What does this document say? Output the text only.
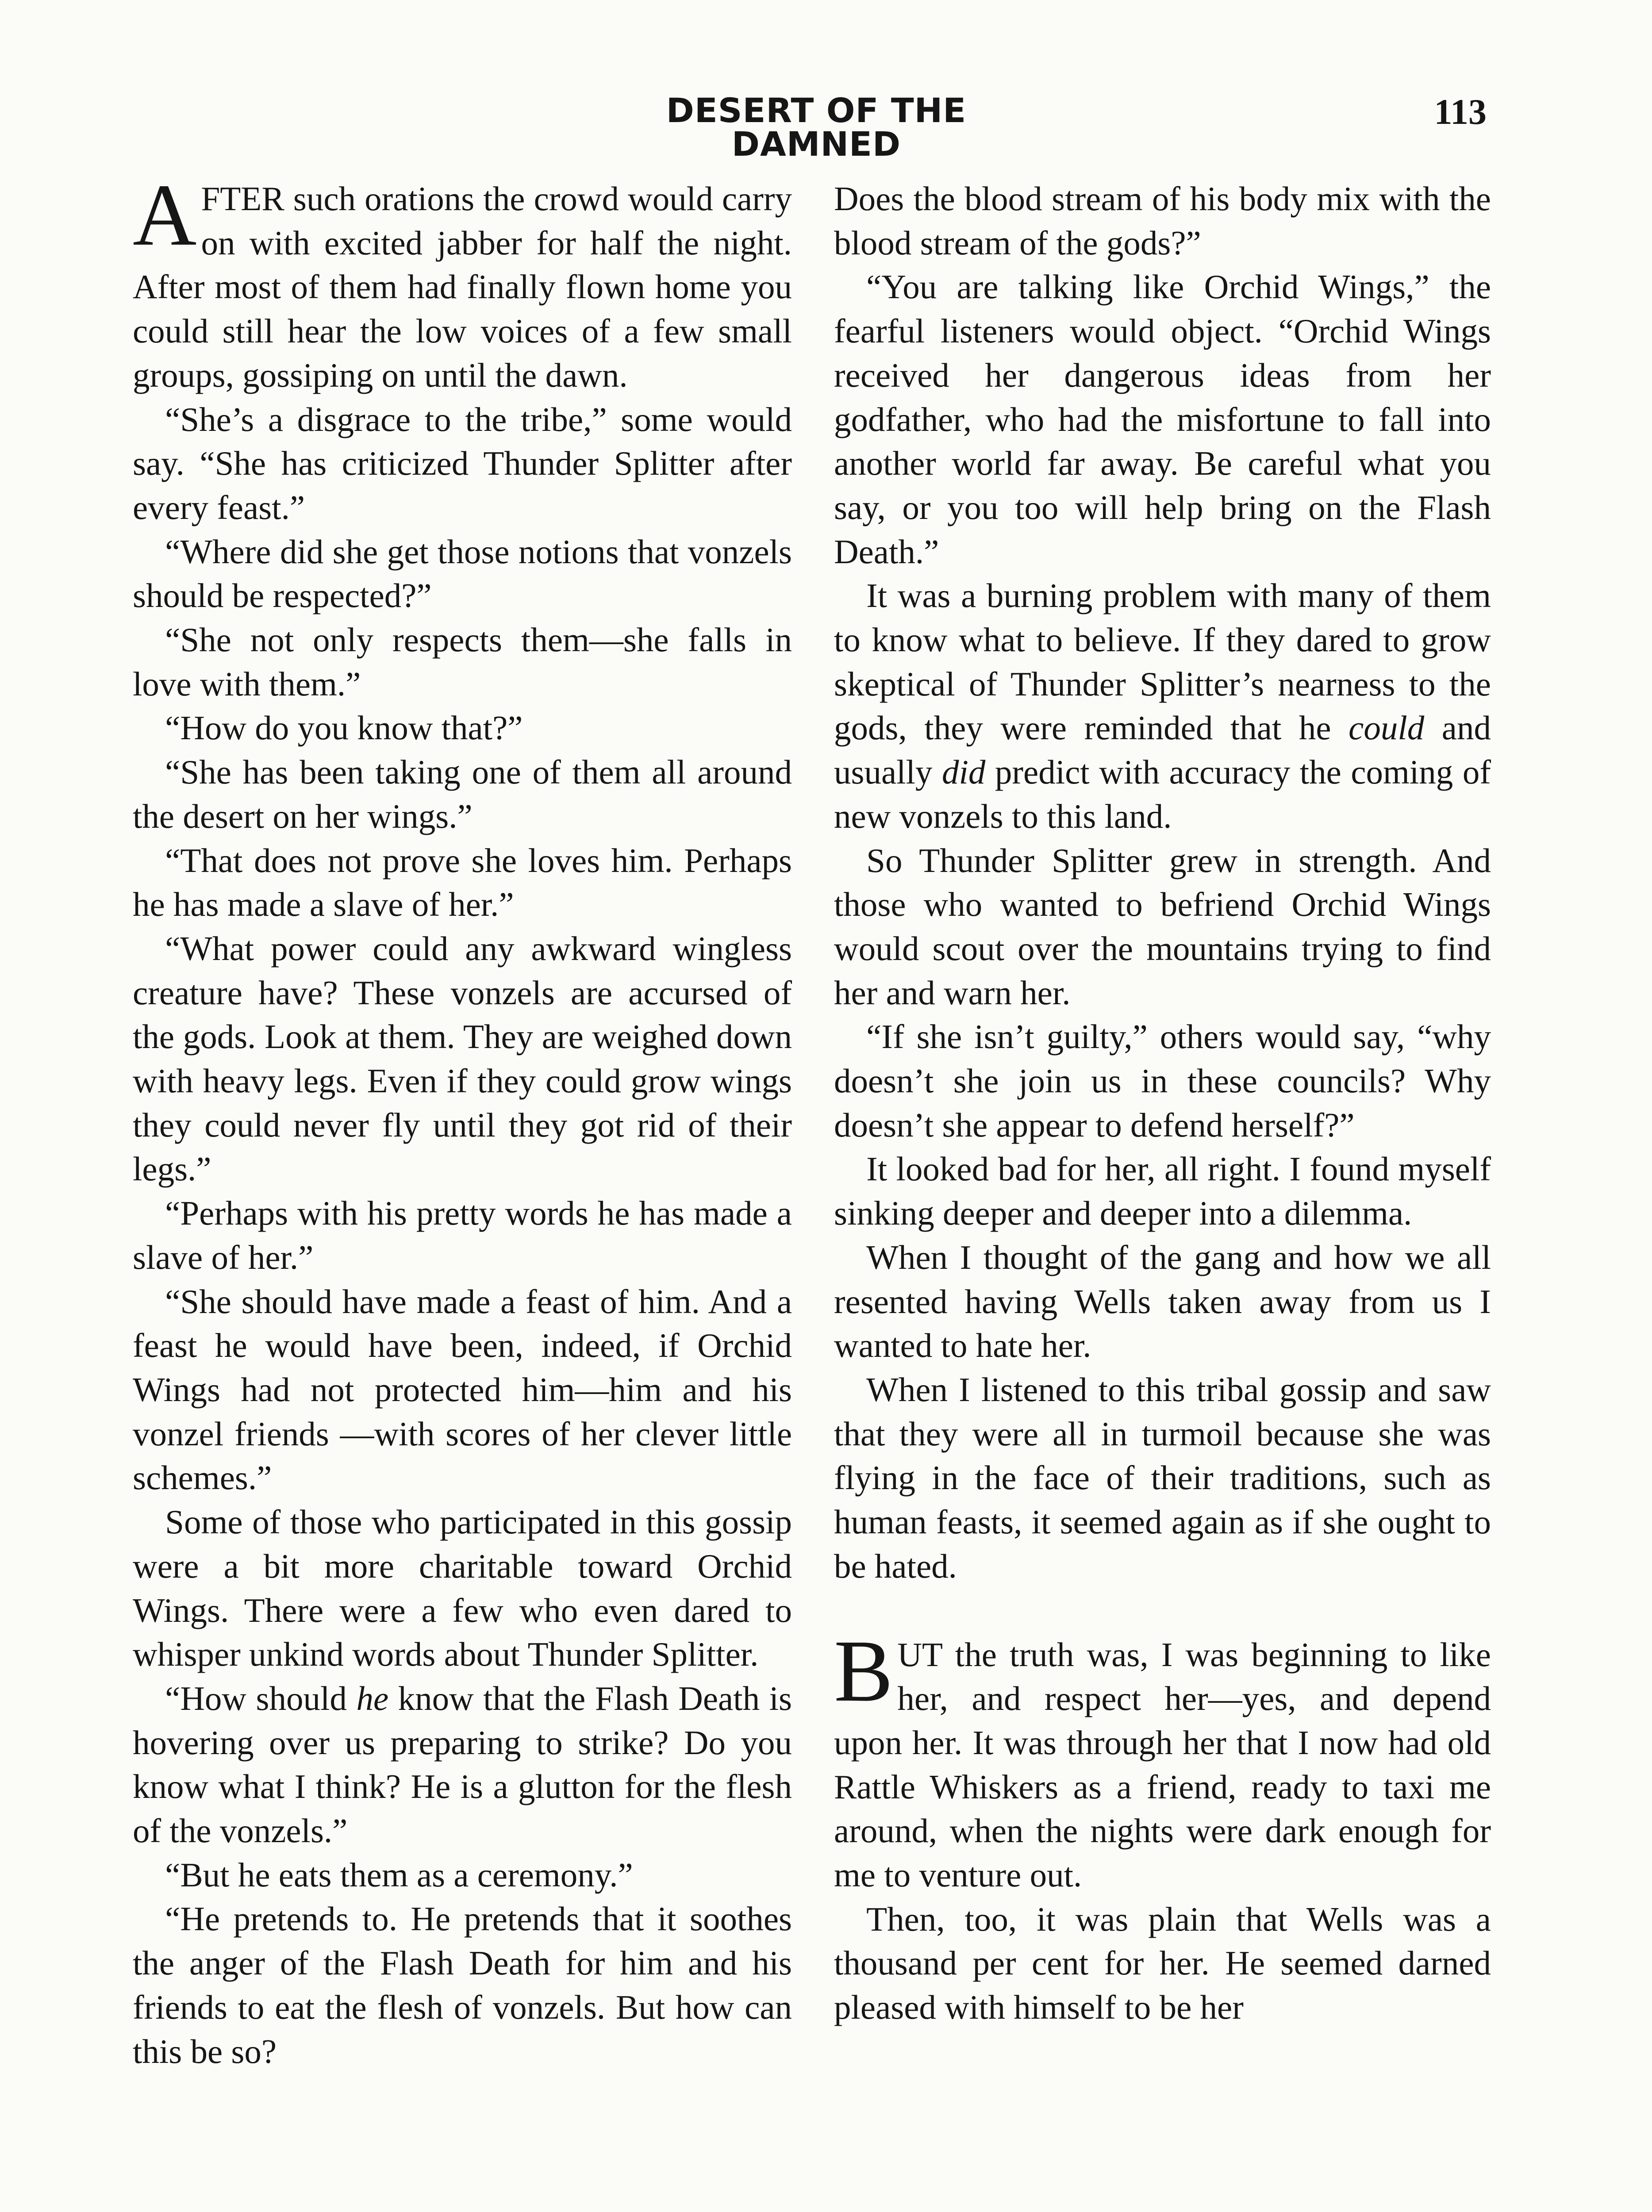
DESERT OF THE DAMNED
113

AFTER such orations the crowd would carry on with excited jabber for half the night. After most of them had finally flown home you could still hear the low voices of a few small groups, gossiping on until the dawn.

“She’s a disgrace to the tribe,” some would say. “She has criticized Thunder Splitter after every feast.”

“Where did she get those notions that vonzels should be respected?”

“She not only respects them—she falls in love with them.”

“How do you know that?”

“She has been taking one of them all around the desert on her wings.”

“That does not prove she loves him. Perhaps he has made a slave of her.”

“What power could any awkward wingless creature have? These vonzels are accursed of the gods. Look at them. They are weighed down with heavy legs. Even if they could grow wings they could never fly until they got rid of their legs.”

“Perhaps with his pretty words he has made a slave of her.”

“She should have made a feast of him. And a feast he would have been, indeed, if Orchid Wings had not protected him—him and his vonzel friends —with scores of her clever little schemes.”

Some of those who participated in this gossip were a bit more charitable toward Orchid Wings. There were a few who even dared to whisper unkind words about Thunder Splitter.

“How should he know that the Flash Death is hovering over us preparing to strike? Do you know what I think? He is a glutton for the flesh of the vonzels.”

“But he eats them as a ceremony.”

“He pretends to. He pretends that it soothes the anger of the Flash Death for him and his friends to eat the flesh of vonzels. But how can this be so?

Does the blood stream of his body mix with the blood stream of the gods?”

“You are talking like Orchid Wings,” the fearful listeners would object. “Orchid Wings received her dangerous ideas from her godfather, who had the misfortune to fall into another world far away. Be careful what you say, or you too will help bring on the Flash Death.”

It was a burning problem with many of them to know what to believe. If they dared to grow skeptical of Thunder Splitter’s nearness to the gods, they were reminded that he could and usually did predict with accuracy the coming of new vonzels to this land.

So Thunder Splitter grew in strength. And those who wanted to befriend Orchid Wings would scout over the mountains trying to find her and warn her.

“If she isn’t guilty,” others would say, “why doesn’t she join us in these councils? Why doesn’t she appear to defend herself?”

It looked bad for her, all right. I found myself sinking deeper and deeper into a dilemma.

When I thought of the gang and how we all resented having Wells taken away from us I wanted to hate her.

When I listened to this tribal gossip and saw that they were all in turmoil because she was flying in the face of their traditions, such as human feasts, it seemed again as if she ought to be hated.

BUT the truth was, I was beginning to like her, and respect her—yes, and depend upon her. It was through her that I now had old Rattle Whiskers as a friend, ready to taxi me around, when the nights were dark enough for me to venture out.

Then, too, it was plain that Wells was a thousand per cent for her. He seemed darned pleased with himself to be her
